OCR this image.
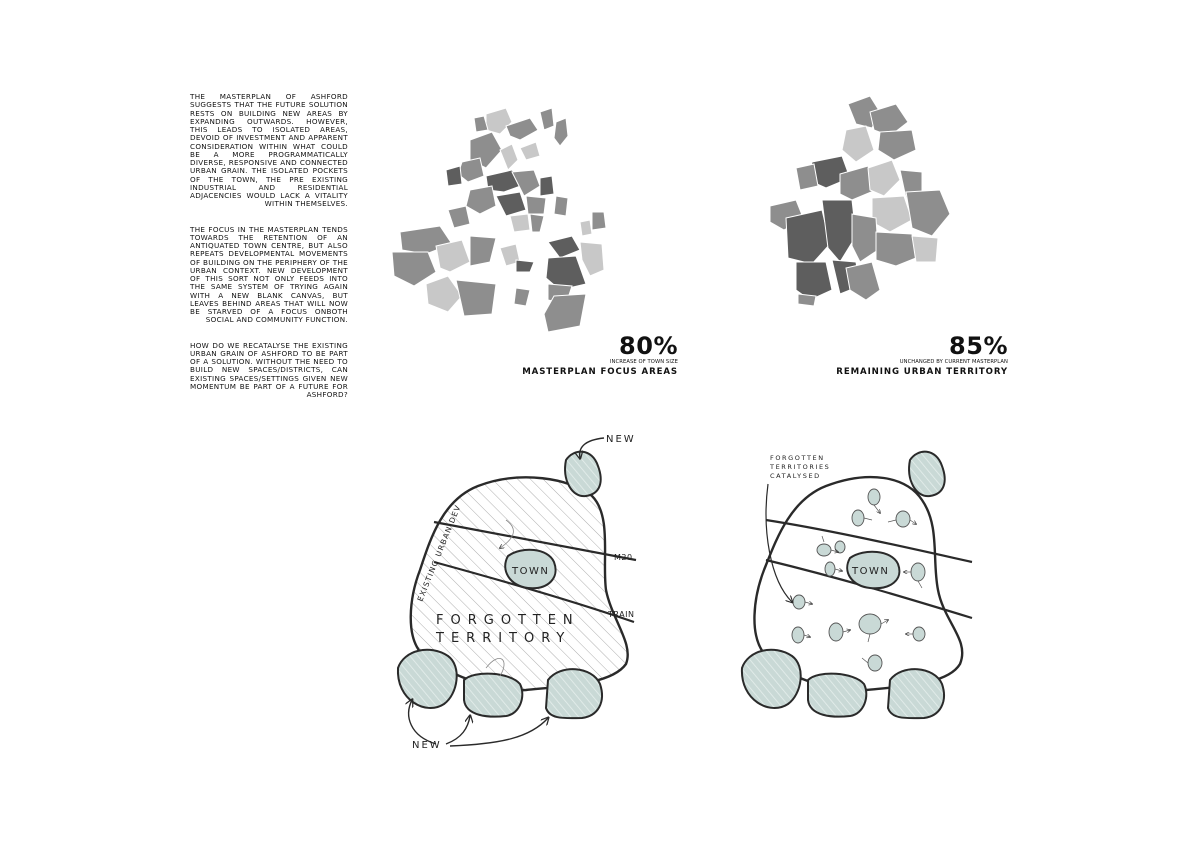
THE MASTERPLAN OF ASHFORD SUGGESTS THAT THE FUTURE SOLUTION RESTS ON BUILDING NEW AREAS BY EXPANDING OUTWARDS. HOWEVER, THIS LEADS TO ISOLATED AREAS, DEVOID OF INVESTMENT AND APPARENT CONSIDERATION WITHIN WHAT COULD BE A MORE PROGRAMMATICALLY DIVERSE, RESPONSIVE AND CONNECTED URBAN GRAIN. THE ISOLATED POCKETS OF THE TOWN, THE PRE EXISTING INDUSTRIAL AND RESIDENTIAL ADJACENCIES WOULD LACK A VITALITY WITHIN THEMSELVES.

THE FOCUS IN THE MASTERPLAN TENDS TOWARDS THE RETENTION OF AN ANTIQUATED TOWN CENTRE, BUT ALSO REPEATS DEVELOPMENTAL MOVEMENTS OF BUILDING ON THE PERIPHERY OF THE URBAN CONTEXT. NEW DEVELOPMENT OF THIS SORT NOT ONLY FEEDS INTO THE SAME SYSTEM OF TRYING AGAIN WITH A NEW BLANK CANVAS, BUT LEAVES BEHIND AREAS THAT WILL NOW BE STARVED OF A FOCUS ONBOTH SOCIAL AND COMMUNITY FUNCTION.

HOW DO WE RECATALYSE THE EXISTING URBAN GRAIN OF ASHFORD TO BE PART OF A SOLUTION. WITHOUT THE NEED TO BUILD NEW SPACES/DISTRICTS, CAN EXISTING SPACES/SETTINGS GIVEN NEW MOMENTUM BE PART OF A FUTURE FOR ASHFORD?

80%
INCREASE OF TOWN SIZE
MASTERPLAN FOCUS AREAS
85%
UNCHANGED BY CURRENT MASTERPLAN
REMAINING URBAN TERRITORY
NEW
NEW
TOWN
M20
TRAIN
EXISTING URBAN DEV
FORGOTTEN
TERRITORY
FORGOTTEN
TERRITORIES
CATALYSED
TOWN
